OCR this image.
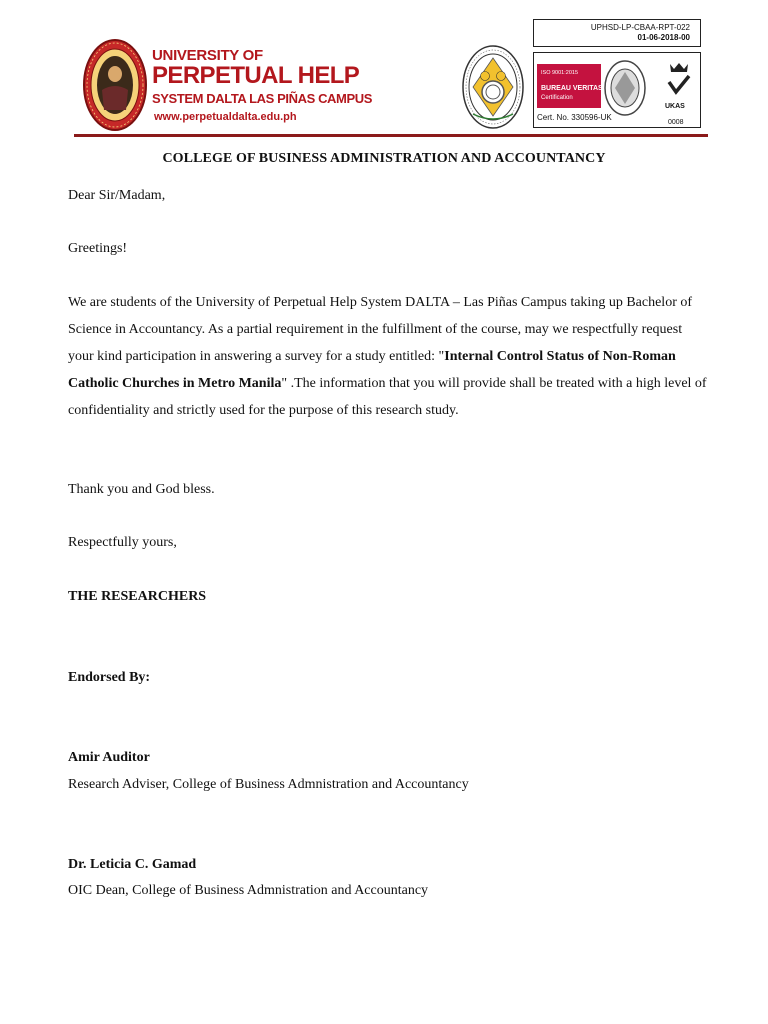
UNIVERSITY OF
PERPETUAL HELP
SYSTEM DALTA LAS PIÑAS CAMPUS
www.perpetualdalta.edu.ph
UPHSD-LP-CBAA-RPT-022
01-06-2018-00
ISO 9001:2015
BUREAU VERITAS
Certification
Cert. No. 330596-UK
UKAS
0008
COLLEGE OF BUSINESS ADMINISTRATION AND ACCOUNTANCY
Dear Sir/Madam,
Greetings!
We are students of the University of Perpetual Help System DALTA – Las Piñas Campus taking up Bachelor of Science in Accountancy. As a partial requirement in the fulfillment of the course, may we respectfully request your kind participation in answering a survey for a study entitled: "Internal Control Status of Non-Roman Catholic Churches in Metro Manila" .The information that you will provide shall be treated with a high level of confidentiality and strictly used for the purpose of this research study.
Thank you and God bless.
Respectfully yours,
THE RESEARCHERS
Endorsed By:
Amir Auditor
Research Adviser, College of Business Admnistration and Accountancy
Dr. Leticia C. Gamad
OIC Dean, College of Business Admnistration and Accountancy
